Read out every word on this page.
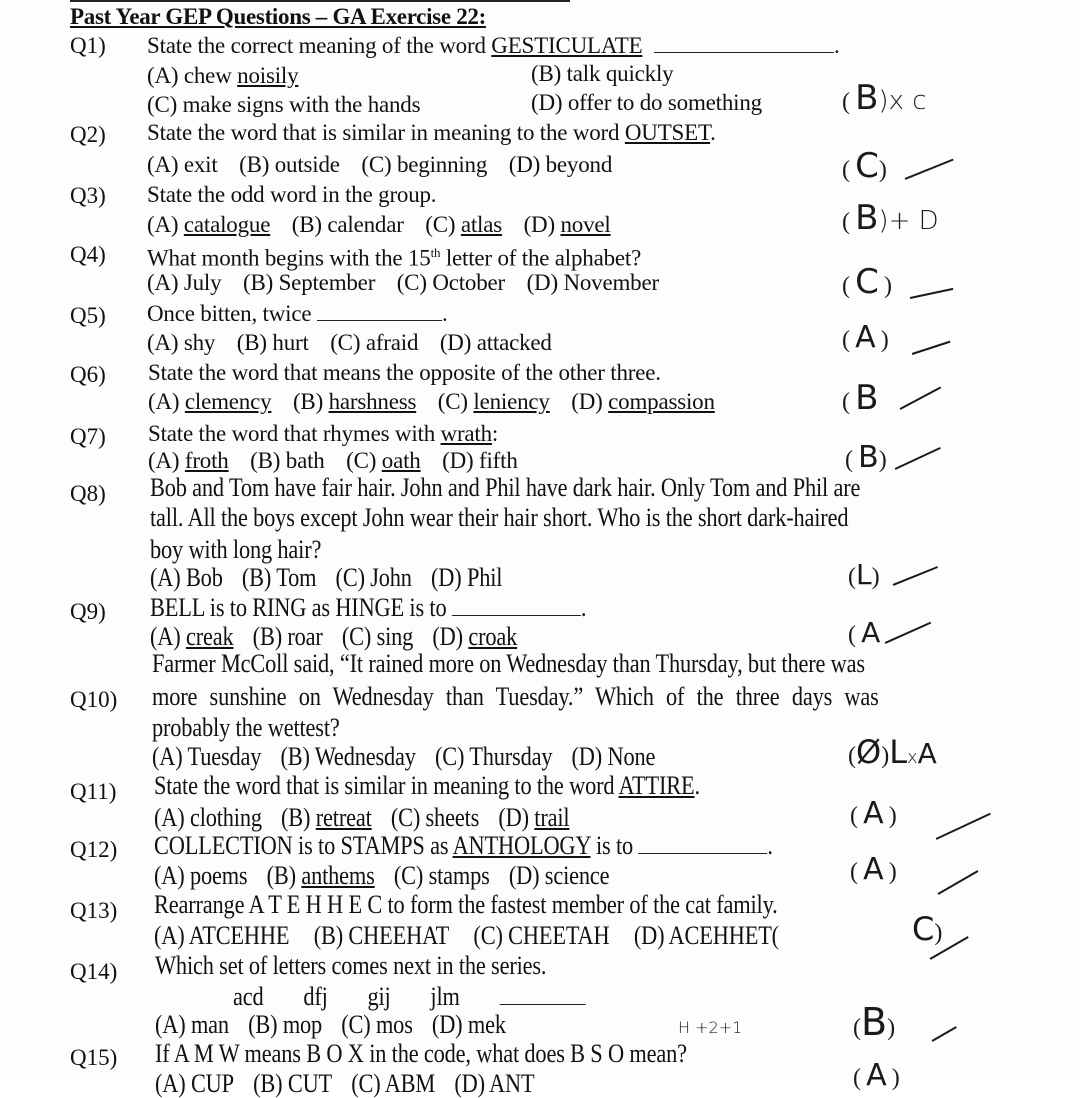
Past Year GEP Questions – GA Exercise 22:
Q1) State the correct meaning of the word GESTICULATE	.
(A) chew noisily	(B) talk quickly
(C) make signs with the hands	(D) offer to do something	( B)x c
Q2) State the word that is similar in meaning to the word OUTSET.
(A) exit (B) outside (C) beginning (D) beyond	( C)
Q3) State the odd word in the group.
(A) catalogue (B) calendar (C) atlas (D) novel	( B)+ D
Q4) What month begins with the 15th letter of the alphabet?
(A) July (B) September (C) October (D) November	( C )
Q5) Once bitten, twice	.
(A) shy (B) hurt (C) afraid (D) attacked	( A )
Q6) State the word that means the opposite of the other three.
(A) clemency (B) harshness (C) leniency (D) compassion	( B
Q7) State the word that rhymes with wrath:
(A) froth (B) bath (C) oath (D) fifth	( B)
Q8) Bob and Tom have fair hair. John and Phil have dark hair. Only Tom and Phil are
tall. All the boys except John wear their hair short. Who is the short dark-haired
boy with long hair?
(A) Bob (B) Tom (C) John (D) Phil	(L)
Q9) BELL is to RING as HINGE is to	.
(A) creak (B) roar (C) sing (D) croak	( A
Q10)
Farmer McColl said, “It rained more on Wednesday than Thursday, but there was
more sunshine on Wednesday than Tuesday.” Which of the three days was
probably the wettest?
(A) Tuesday (B) Wednesday (C) Thursday (D) None	(Ø)LxA
Q11) State the word that is similar in meaning to the word ATTIRE.
(A) clothing (B) retreat (C) sheets (D) trail	( A )
Q12) COLLECTION is to STAMPS as ANTHOLOGY is to	.
(A) poems (B) anthems (C) stamps (D) science	( A )
Q13) Rearrange A T E H H E C to form the fastest member of the cat family.
(A) ATCEHHE (B) CHEEHAT (C) CHEETAH (D) ACEHHET(	C)
Q14) Which set of letters comes next in the series.
acd dfj gij jlm
(A) man (B) mop (C) mos (D) mek	H +2+1	(B)
Q15) If A M W means B O X in the code, what does B S O mean?
(A) CUP (B) CUT (C) ABM (D) ANT	( A )
